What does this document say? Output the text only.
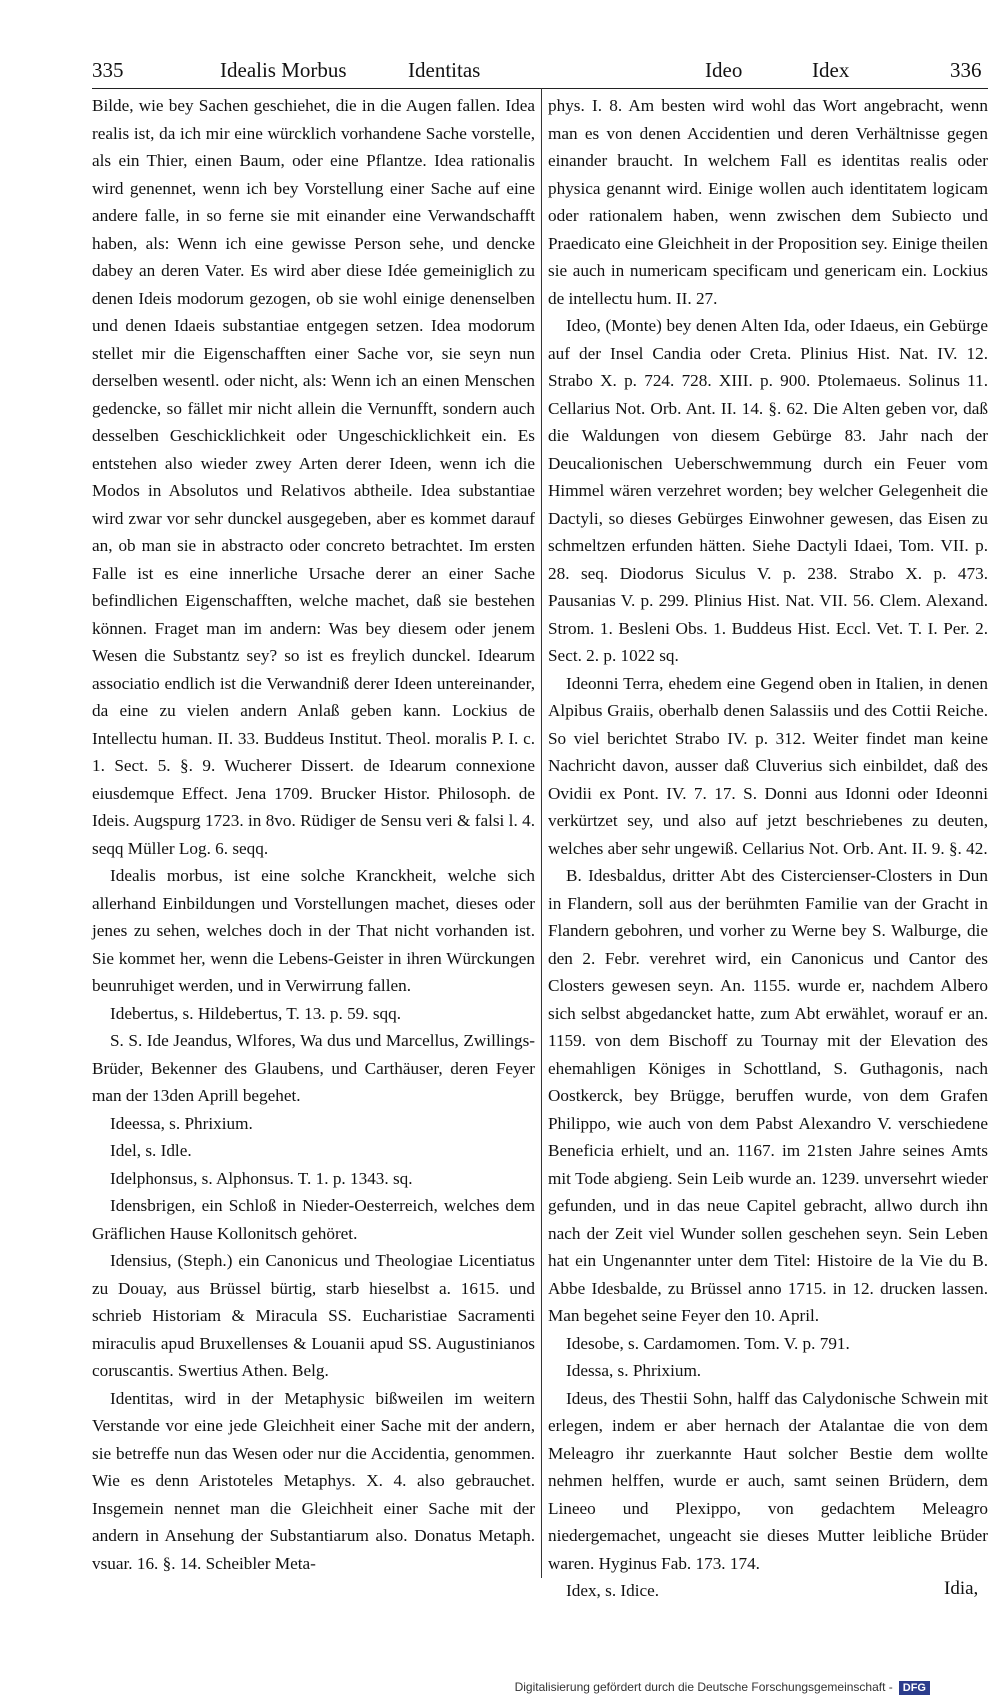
335	Idealis Morbus	Identitas	Ideo	Idex	336

Bilde, wie bey Sachen geschiehet, die in die Augen fallen. Idea realis ist, da ich mir eine würcklich vorhandene Sache vorstelle, als ein Thier, einen Baum, oder eine Pflantze. Idea rationalis wird genennet, wenn ich bey Vorstellung einer Sache auf eine andere falle, in so ferne sie mit einander eine Verwandschafft haben, als: Wenn ich eine gewisse Person sehe, und dencke dabey an deren Vater. Es wird aber diese Idée gemeiniglich zu denen Ideis modorum gezogen, ob sie wohl einige denenselben und denen Idaeis substantiae entgegen setzen. Idea modorum stellet mir die Eigenschafften einer Sache vor, sie seyn nun derselben wesentl. oder nicht, als: Wenn ich an einen Menschen gedencke, so fället mir nicht allein die Vernunfft, sondern auch desselben Geschicklichkeit oder Ungeschicklichkeit ein. Es entstehen also wieder zwey Arten derer Ideen, wenn ich die Modos in Absolutos und Relativos abtheile. Idea substantiae wird zwar vor sehr dunckel ausgegeben, aber es kommet darauf an, ob man sie in abstracto oder concreto betrachtet. Im ersten Falle ist es eine innerliche Ursache derer an einer Sache befindlichen Eigenschafften, welche machet, daß sie bestehen können. Fraget man im andern: Was bey diesem oder jenem Wesen die Substantz sey? so ist es freylich dunckel. Idearum associatio endlich ist die Verwandniß derer Ideen untereinander, da eine zu vielen andern Anlaß geben kann. Lockius de Intellectu human. II. 33. Buddeus Institut. Theol. moralis P. I. c. 1. Sect. 5. §. 9. Wucherer Dissert. de Idearum connexione eiusdemque Effect. Jena 1709. Brucker Histor. Philosoph. de Ideis. Augspurg 1723. in 8vo. Rüdiger de Sensu veri & falsi l. 4. seqq Müller Log. 6. seqq.

Idealis morbus, ist eine solche Kranckheit, welche sich allerhand Einbildungen und Vorstellungen machet, dieses oder jenes zu sehen, welches doch in der That nicht vorhanden ist. Sie kommet her, wenn die Lebens-Geister in ihren Würckungen beunruhiget werden, und in Verwirrung fallen.

Idebertus, s. Hildebertus, T. 13. p. 59. sqq.

S. S. Ide Jeandus, Wlfores, Wa dus und Marcellus, Zwillings-Brüder, Bekenner des Glaubens, und Carthäuser, deren Feyer man der 13den Aprill begehet.

Ideessa, s. Phrixium.

Idel, s. Idle.

Idelphonsus, s. Alphonsus. T. 1. p. 1343. sq.

Idensbrigen, ein Schloß in Nieder-Oesterreich, welches dem Gräflichen Hause Kollonitsch gehöret.

Idensius, (Steph.) ein Canonicus und Theologiae Licentiatus zu Douay, aus Brüssel bürtig, starb hieselbst a. 1615. und schrieb Historiam & Miracula SS. Eucharistiae Sacramenti miraculis apud Bruxellenses & Louanii apud SS. Augustinianos coruscantis. Swertius Athen. Belg.

Identitas, wird in der Metaphysic bißweilen im weitern Verstande vor eine jede Gleichheit einer Sache mit der andern, sie betreffe nun das Wesen oder nur die Accidentia, genommen. Wie es denn Aristoteles Metaphys. X. 4. also gebrauchet. Insgemein nennet man die Gleichheit einer Sache mit der andern in Ansehung der Substantiarum also. Donatus Metaph. vsuar. 16. §. 14. Scheibler Meta-

phys. I. 8. Am besten wird wohl das Wort angebracht, wenn man es von denen Accidentien und deren Verhältnisse gegen einander braucht. In welchem Fall es identitas realis oder physica genannt wird. Einige wollen auch identitatem logicam oder rationalem haben, wenn zwischen dem Subiecto und Praedicato eine Gleichheit in der Proposition sey. Einige theilen sie auch in numericam specificam und genericam ein. Lockius de intellectu hum. II. 27.

Ideo, (Monte) bey denen Alten Ida, oder Idaeus, ein Gebürge auf der Insel Candia oder Creta. Plinius Hist. Nat. IV. 12. Strabo X. p. 724. 728. XIII. p. 900. Ptolemaeus. Solinus 11. Cellarius Not. Orb. Ant. II. 14. §. 62. Die Alten geben vor, daß die Waldungen von diesem Gebürge 83. Jahr nach der Deucalionischen Ueberschwemmung durch ein Feuer vom Himmel wären verzehret worden; bey welcher Gelegenheit die Dactyli, so dieses Gebürges Einwohner gewesen, das Eisen zu schmeltzen erfunden hätten. Siehe Dactyli Idaei, Tom. VII. p. 28. seq. Diodorus Siculus V. p. 238. Strabo X. p. 473. Pausanias V. p. 299. Plinius Hist. Nat. VII. 56. Clem. Alexand. Strom. 1. Besleni Obs. 1. Buddeus Hist. Eccl. Vet. T. I. Per. 2. Sect. 2. p. 1022 sq.

Ideonni Terra, ehedem eine Gegend oben in Italien, in denen Alpibus Graiis, oberhalb denen Salassiis und des Cottii Reiche. So viel berichtet Strabo IV. p. 312. Weiter findet man keine Nachricht davon, ausser daß Cluverius sich einbildet, daß des Ovidii ex Pont. IV. 7. 17. S. Donni aus Idonni oder Ideonni verkürtzet sey, und also auf jetzt beschriebenes zu deuten, welches aber sehr ungewiß. Cellarius Not. Orb. Ant. II. 9. §. 42.

B. Idesbaldus, dritter Abt des Cistercienser-Closters in Dun in Flandern, soll aus der berühmten Familie van der Gracht in Flandern gebohren, und vorher zu Werne bey S. Walburge, die den 2. Febr. verehret wird, ein Canonicus und Cantor des Closters gewesen seyn. An. 1155. wurde er, nachdem Albero sich selbst abgedancket hatte, zum Abt erwählet, worauf er an. 1159. von dem Bischoff zu Tournay mit der Elevation des ehemahligen Königes in Schottland, S. Guthagonis, nach Oostkerck, bey Brügge, beruffen wurde, von dem Grafen Philippo, wie auch von dem Pabst Alexandro V. verschiedene Beneficia erhielt, und an. 1167. im 21sten Jahre seines Amts mit Tode abgieng. Sein Leib wurde an. 1239. unversehrt wieder gefunden, und in das neue Capitel gebracht, allwo durch ihn nach der Zeit viel Wunder sollen geschehen seyn. Sein Leben hat ein Ungenannter unter dem Titel: Histoire de la Vie du B. Abbe Idesbalde, zu Brüssel anno 1715. in 12. drucken lassen. Man begehet seine Feyer den 10. April.

Idesobe, s. Cardamomen. Tom. V. p. 791.

Idessa, s. Phrixium.

Ideus, des Thestii Sohn, halff das Calydonische Schwein mit erlegen, indem er aber hernach der Atalantae die von dem Meleagro ihr zuerkannte Haut solcher Bestie dem wollte nehmen helffen, wurde er auch, samt seinen Brüdern, dem Lineeo und Plexippo, von gedachtem Meleagro niedergemachet, ungeacht sie dieses Mutter leibliche Brüder waren. Hyginus Fab. 173. 174.

Idex, s. Idice.	Idia,
Digitalisierung gefördert durch die Deutsche Forschungsgemeinschaft - DFG
